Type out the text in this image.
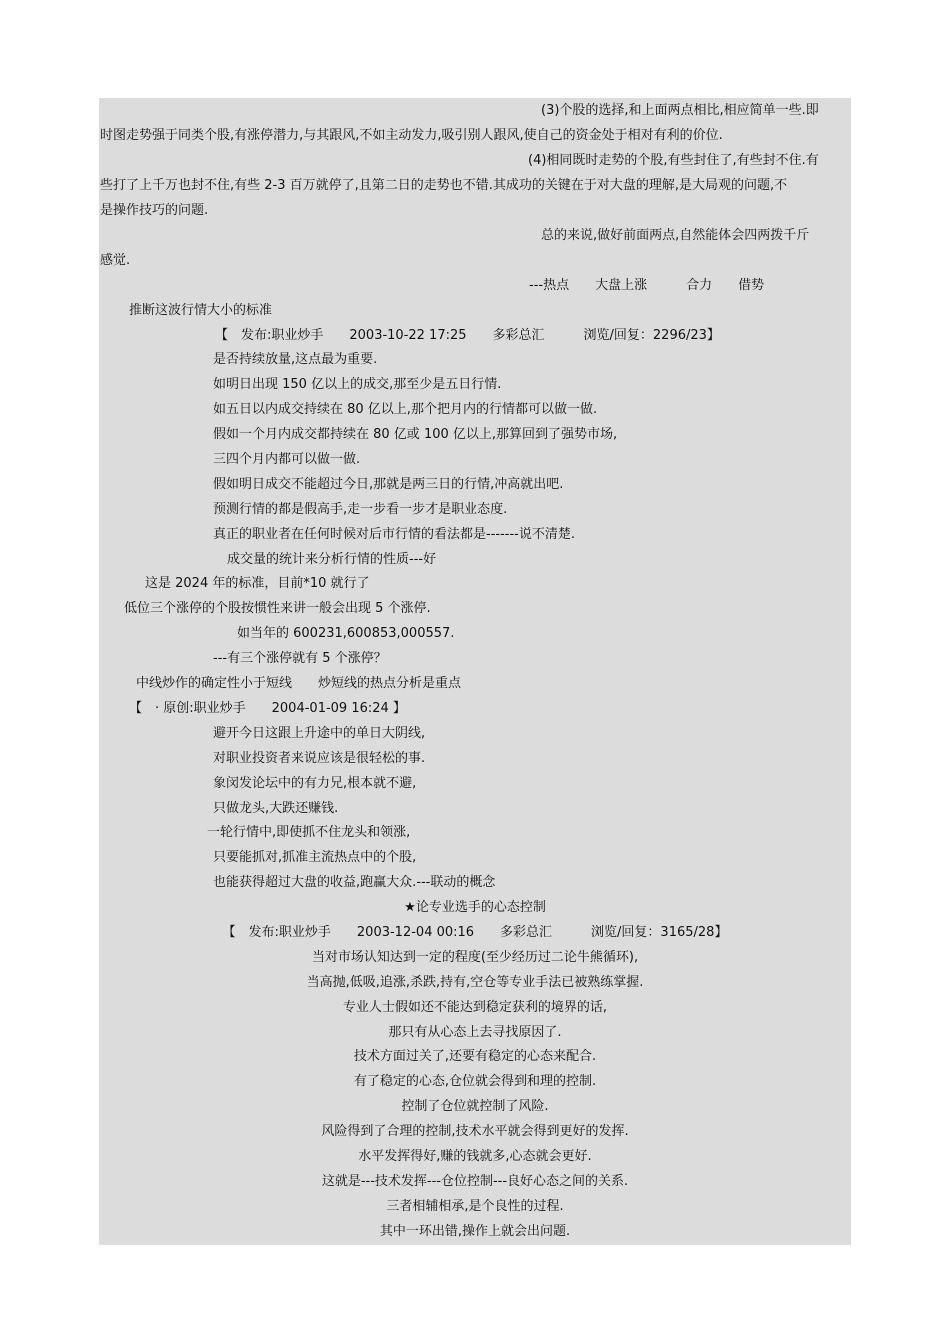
(3)个股的选择,和上面两点相比,相应简单一些.即

时图走势强于同类个股,有涨停潜力,与其跟风,不如主动发力,吸引别人跟风,使自己的资金处于相对有利的价位.

(4)相同既时走势的个股,有些封住了,有些封不住.有

些打了上千万也封不住,有些 2-3 百万就停了,且第二日的走势也不错.其成功的关键在于对大盘的理解,是大局观的问题,不

是操作技巧的问题.

总的来说,做好前面两点,自然能体会四两拨千斤

感觉.

---热点　　大盘上涨　　　合力　　借势

推断这波行情大小的标准

【　发布:职业炒手　　2003-10-22 17:25　　多彩总汇　　　浏览/回复：2296/23】

是否持续放量,这点最为重要.

如明日出现 150 亿以上的成交,那至少是五日行情.

如五日以内成交持续在 80 亿以上,那个把月内的行情都可以做一做.

假如一个月内成交都持续在 80 亿或 100 亿以上,那算回到了强势市场,

三四个月内都可以做一做.

假如明日成交不能超过今日,那就是两三日的行情,冲高就出吧.

预测行情的都是假高手,走一步看一步才是职业态度.

真正的职业者在任何时候对后市行情的看法都是-------说不清楚.

成交量的统计来分析行情的性质---好

这是 2024 年的标准，目前*10 就行了

低位三个涨停的个股按惯性来讲一般会出现 5 个涨停.

如当年的 600231,600853,000557.

---有三个涨停就有 5 个涨停？

中线炒作的确定性小于短线　　炒短线的热点分析是重点

【　· 原创:职业炒手　　2004-01-09 16:24 】

避开今日这跟上升途中的单日大阴线,

对职业投资者来说应该是很轻松的事.

象闵发论坛中的有力兄,根本就不避,

只做龙头,大跌还赚钱.

一轮行情中,即使抓不住龙头和领涨,

只要能抓对,抓准主流热点中的个股,

也能获得超过大盘的收益,跑赢大众.---联动的概念

★论专业选手的心态控制

【　发布:职业炒手　　2003-12-04 00:16　　多彩总汇　　　浏览/回复：3165/28】

当对市场认知达到一定的程度(至少经历过二论牛熊循环),

当高抛,低吸,追涨,杀跌,持有,空仓等专业手法已被熟练掌握.

专业人士假如还不能达到稳定获利的境界的话,

那只有从心态上去寻找原因了.

技术方面过关了,还要有稳定的心态来配合.

有了稳定的心态,仓位就会得到和理的控制.

控制了仓位就控制了风险.

风险得到了合理的控制,技术水平就会得到更好的发挥.

水平发挥得好,赚的钱就多,心态就会更好.

这就是---技术发挥---仓位控制---良好心态之间的关系.

三者相辅相承,是个良性的过程.

其中一环出错,操作上就会出问题.
